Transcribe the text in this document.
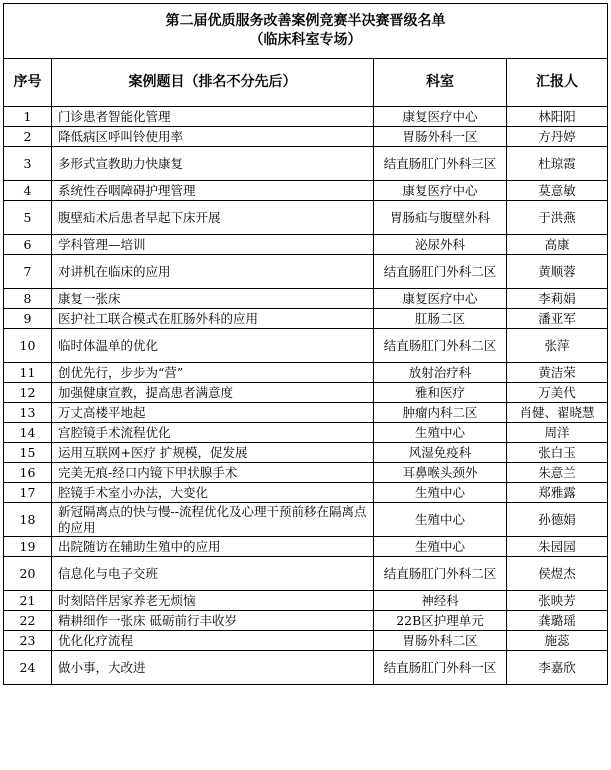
第二届优质服务改善案例竞赛半决赛晋级名单
（临床科室专场）			

序号	案例题目（排名不分先后）	科室	汇报人
1	门诊患者智能化管理	康复医疗中心	林阳阳
2	降低病区呼叫铃使用率	胃肠外科一区	方丹婷
3	多形式宣教助力快康复	结直肠肛门外科三区	杜琼霞
4	系统性吞咽障碍护理管理	康复医疗中心	莫意敏
5	腹壁疝术后患者早起下床开展	胃肠疝与腹壁外科	于洪燕
6	学科管理—培训	泌尿外科	高康
7	对讲机在临床的应用	结直肠肛门外科二区	黄顺蓉
8	康复一张床	康复医疗中心	李莉娟
9	医护社工联合模式在肛肠外科的应用	肛肠二区	潘亚军
10	临时体温单的优化	结直肠肛门外科二区	张萍
11	创优先行，步步为“营”	放射治疗科	黄洁荣
12	加强健康宣教，提高患者满意度	雅和医疗	万美代
13	万丈高楼平地起	肿瘤内科二区	肖健、翟晓慧
14	宫腔镜手术流程优化	生殖中心	周洋
15	运用互联网+医疗 扩规模，促发展	风湿免疫科	张白玉
16	完美无痕-经口内镜下甲状腺手术	耳鼻喉头颈外	朱意兰
17	腔镜手术室小办法，大变化	生殖中心	郑雅露
18	新冠隔离点的快与慢--流程优化及心理干预前移在隔离点的应用	生殖中心	孙德娟
19	出院随访在辅助生殖中的应用	生殖中心	朱园园
20	信息化与电子交班	结直肠肛门外科二区	侯煜杰
21	时刻陪伴居家养老无烦恼	神经科	张映芳
22	精耕细作一张床 砥砺前行丰收岁	22B区护理单元	龚璐瑶
23	优化化疗流程	胃肠外科二区	施蕊
24	做小事，大改进	结直肠肛门外科一区	李嘉欣
